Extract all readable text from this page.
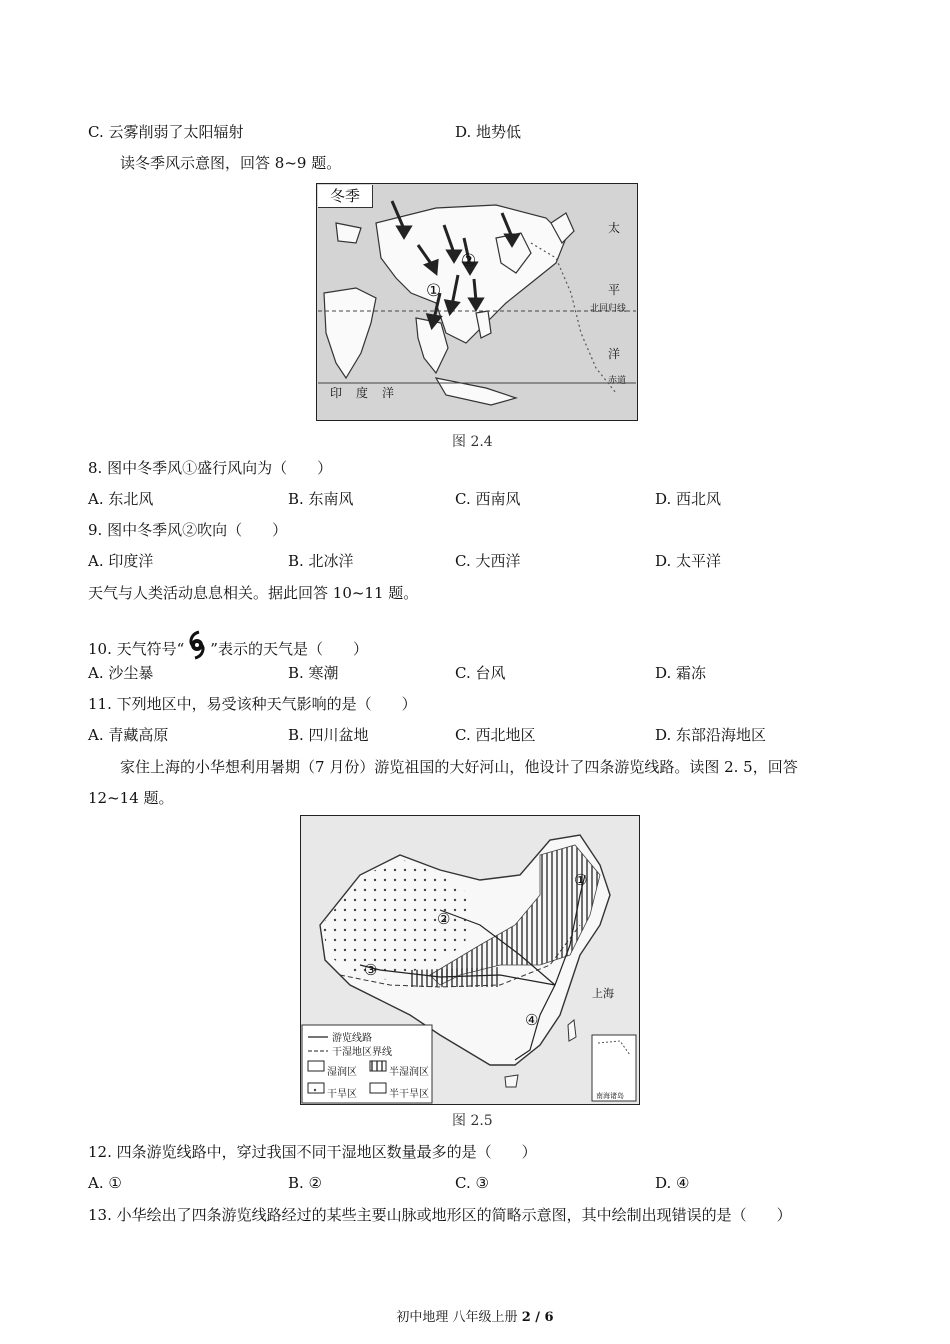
C. 云雾削弱了太阳辐射	D. 地势低
读冬季风示意图，回答 8~9 题。
冬季
②
①
太
平
洋
北回归线
赤道
印 度 洋
图 2.4
8. 图中冬季风①盛行风向为（　　）
A. 东北风	B. 东南风	C. 西南风	D. 西北风
9. 图中冬季风②吹向（　　）
A. 印度洋	B. 北冰洋	C. 大西洋	D. 太平洋
天气与人类活动息息相关。据此回答 10~11 题。
10. 天气符号“ ”表示的天气是（　　）
A. 沙尘暴	B. 寒潮	C. 台风	D. 霜冻
11. 下列地区中，易受该种天气影响的是（　　）
A. 青藏高原	B. 四川盆地	C. 西北地区	D. 东部沿海地区
家住上海的小华想利用暑期（7 月份）游览祖国的大好河山，他设计了四条游览线路。读图 2. 5，回答
12~14 题。
①
②
③
④
上海
游览线路
干湿地区界线
湿润区	半湿润区
干旱区	半干旱区	南海诸岛
图 2.5
12. 四条游览线路中，穿过我国不同干湿地区数量最多的是（　　）
A. ①	B. ②	C. ③	D. ④
13. 小华绘出了四条游览线路经过的某些主要山脉或地形区的简略示意图，其中绘制出现错误的是（　　）
初中地理 八年级上册 2 / 6
